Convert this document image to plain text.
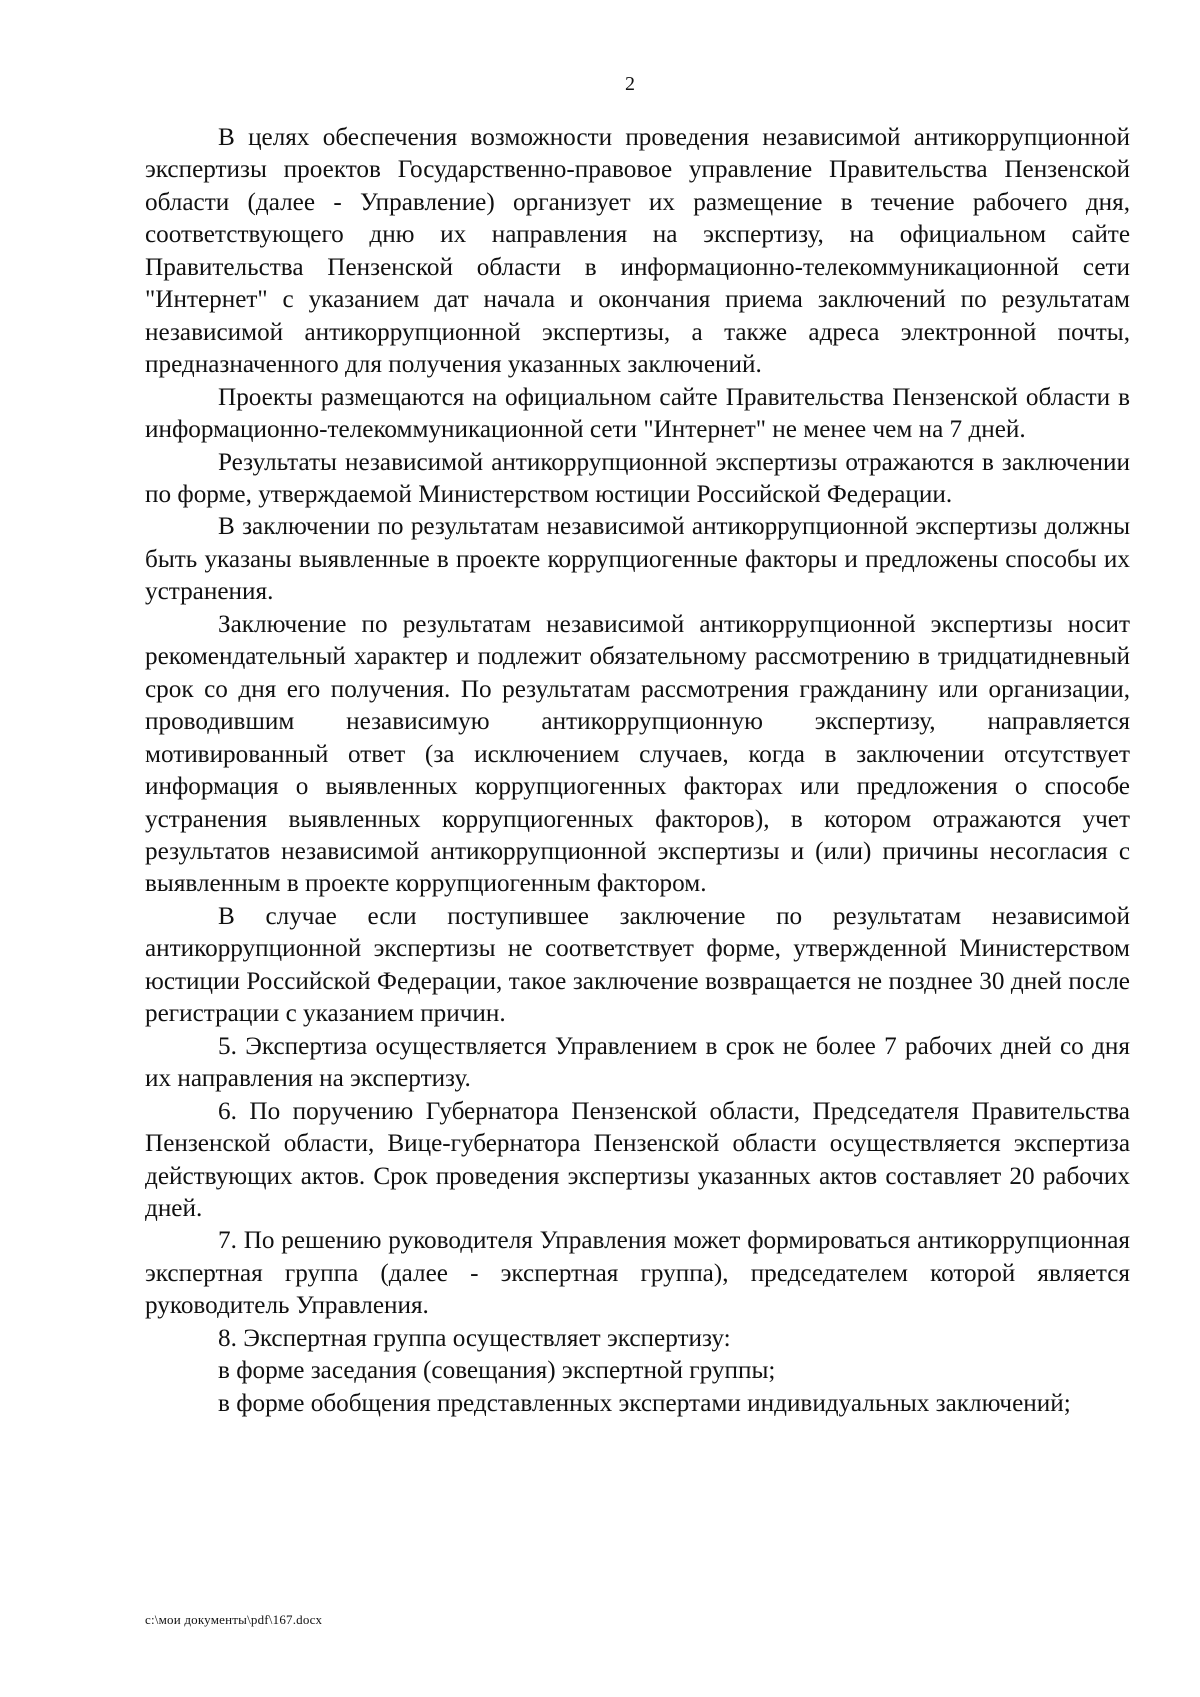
2

В целях обеспечения возможности проведения независимой антикоррупционной экспертизы проектов Государственно-правовое управление Правительства Пензенской области (далее - Управление) организует их размещение в течение рабочего дня, соответствующего дню их направления на экспертизу, на официальном сайте Правительства Пензенской области в информационно-телекоммуникационной сети "Интернет" с указанием дат начала и окончания приема заключений по результатам независимой антикоррупционной экспертизы, а также адреса электронной почты, предназначенного для получения указанных заключений.

Проекты размещаются на официальном сайте Правительства Пензенской области в информационно-телекоммуникационной сети "Интернет" не менее чем на 7 дней.

Результаты независимой антикоррупционной экспертизы отражаются в заключении по форме, утверждаемой Министерством юстиции Российской Федерации.

В заключении по результатам независимой антикоррупционной экспертизы должны быть указаны выявленные в проекте коррупциогенные факторы и предложены способы их устранения.

Заключение по результатам независимой антикоррупционной экспертизы носит рекомендательный характер и подлежит обязательному рассмотрению в тридцатидневный срок со дня его получения. По результатам рассмотрения гражданину или организации, проводившим независимую антикоррупционную экспертизу, направляется мотивированный ответ (за исключением случаев, когда в заключении отсутствует информация о выявленных коррупциогенных факторах или предложения о способе устранения выявленных коррупциогенных факторов), в котором отражаются учет результатов независимой антикоррупционной экспертизы и (или) причины несогласия с выявленным в проекте коррупциогенным фактором.

В случае если поступившее заключение по результатам независимой антикоррупционной экспертизы не соответствует форме, утвержденной Министерством юстиции Российской Федерации, такое заключение возвращается не позднее 30 дней после регистрации с указанием причин.

5. Экспертиза осуществляется Управлением в срок не более 7 рабочих дней со дня их направления на экспертизу.

6. По поручению Губернатора Пензенской области, Председателя Правительства Пензенской области, Вице-губернатора Пензенской области осуществляется экспертиза действующих актов. Срок проведения экспертизы указанных актов составляет 20 рабочих дней.

7. По решению руководителя Управления может формироваться антикоррупционная экспертная группа (далее - экспертная группа), председателем которой является руководитель Управления.

8. Экспертная группа осуществляет экспертизу:

в форме заседания (совещания) экспертной группы;

в форме обобщения представленных экспертами индивидуальных заключений;

c:\мои документы\pdf\167.docx
